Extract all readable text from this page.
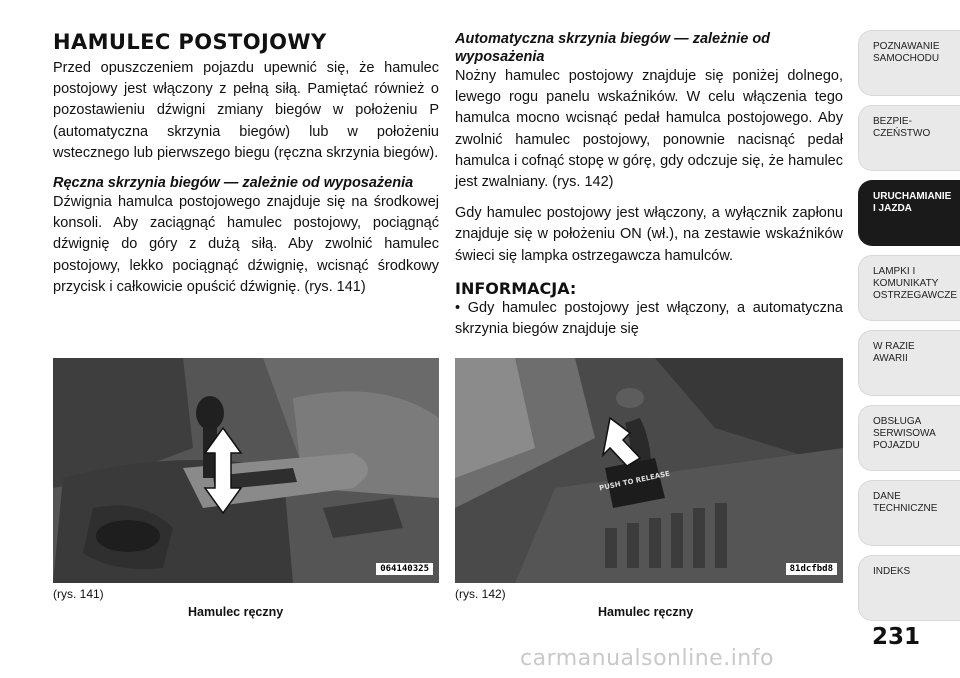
HAMULEC POSTOJOWY

Przed opuszczeniem pojazdu upewnić się, że hamulec postojowy jest włączony z pełną siłą. Pamiętać również o pozostawieniu dźwigni zmiany biegów w położeniu P (automatyczna skrzynia biegów) lub w położeniu wstecznego lub pierwszego biegu (ręczna skrzynia biegów).

Ręczna skrzynia biegów — zależnie od wyposażenia

Dźwignia hamulca postojowego znajduje się na środkowej konsoli. Aby zaciągnąć hamulec postojowy, pociągnąć dźwignię do góry z dużą siłą. Aby zwolnić hamulec postojowy, lekko pociągnąć dźwignię, wcisnąć środkowy przycisk i całkowicie opuścić dźwignię. (rys. 141)

Automatyczna skrzynia biegów — zależnie od wyposażenia

Nożny hamulec postojowy znajduje się poniżej dolnego, lewego rogu panelu wskaźników. W celu włączenia tego hamulca mocno wcisnąć pedał hamulca postojowego. Aby zwolnić hamulec postojowy, ponownie nacisnąć pedał hamulca i cofnąć stopę w górę, gdy odczuje się, że hamulec jest zwalniany. (rys. 142)

Gdy hamulec postojowy jest włączony, a wyłącznik zapłonu znajduje się w położeniu ON (wł.), na zestawie wskaźników świeci się lampka ostrzegawcza hamulców.

INFORMACJA:

• Gdy hamulec postojowy jest włączony, a automatyczna skrzynia biegów znajduje się

064140325
(rys. 141)
Hamulec ręczny
PUSH TO RELEASE
81dcfbd8
(rys. 142)
Hamulec ręczny
POZNAWANIE
SAMOCHODU
BEZPIE-
CZEŃSTWO
URUCHAMIANIE
I JAZDA
LAMPKI I
KOMUNIKATY
OSTRZEGAWCZE
W RAZIE
AWARII
OBSŁUGA
SERWISOWA
POJAZDU
DANE
TECHNICZNE
INDEKS
231
carmanualsonline.info
